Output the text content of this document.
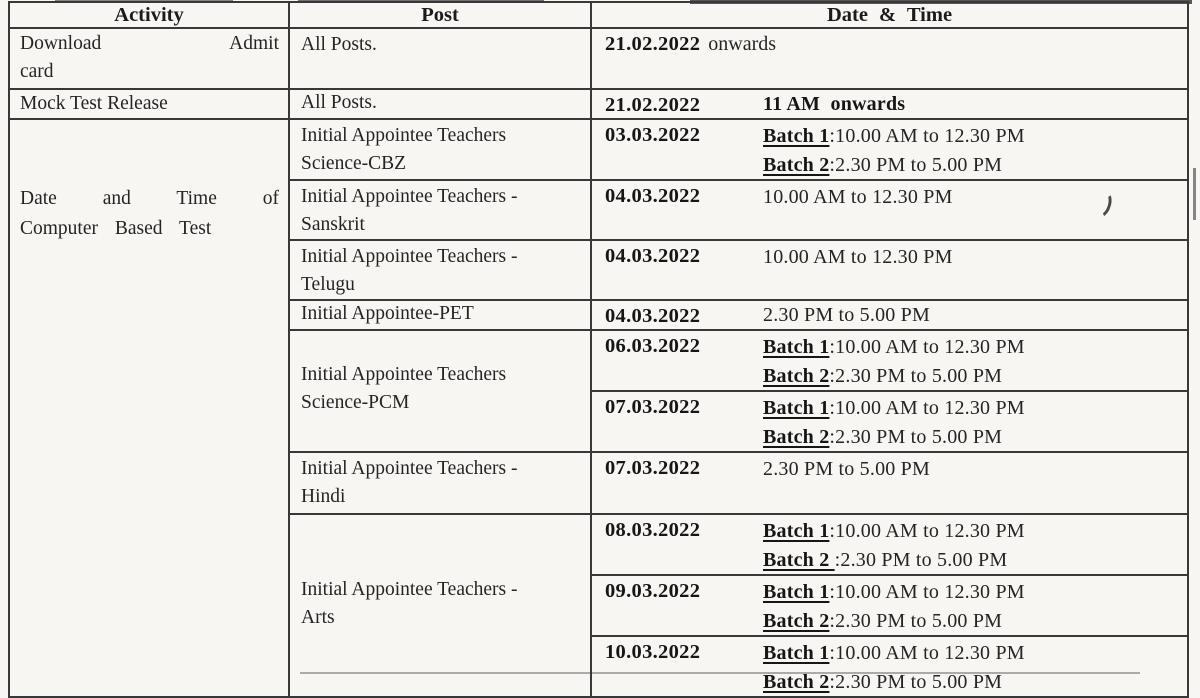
Activity	Post	Date & Time
Download Admit card	All Posts.	21.02.2022 onwards

Mock Test Release	All Posts.	21.02.2022 11 AM  onwards

Date and Time of Computer Based Test	Initial Appointee Teachers Science-CBZ	03.03.2022 Batch 1:10.00 AM to 12.30 PM
Batch 2:2.30 PM to 5.00 PM

	Initial Appointee Teachers -Sanskrit	04.03.2022 10.00 AM to 12.30 PM

	Initial Appointee Teachers -Telugu	04.03.2022 10.00 AM to 12.30 PM

	Initial Appointee-PET	04.03.2022 2.30 PM to 5.00 PM

	Initial Appointee Teachers Science-PCM	06.03.2022 Batch 1:10.00 AM to 12.30 PM
Batch 2:2.30 PM to 5.00 PM

		07.03.2022 Batch 1:10.00 AM to 12.30 PM
Batch 2:2.30 PM to 5.00 PM

	Initial Appointee Teachers -Hindi	07.03.2022 2.30 PM to 5.00 PM

	Initial Appointee Teachers -Arts	08.03.2022 Batch 1:10.00 AM to 12.30 PM
Batch 2 :2.30 PM to 5.00 PM

		09.03.2022 Batch 1:10.00 AM to 12.30 PM
Batch 2:2.30 PM to 5.00 PM

		10.03.2022 Batch 1:10.00 AM to 12.30 PM
Batch 2:2.30 PM to 5.00 PM
